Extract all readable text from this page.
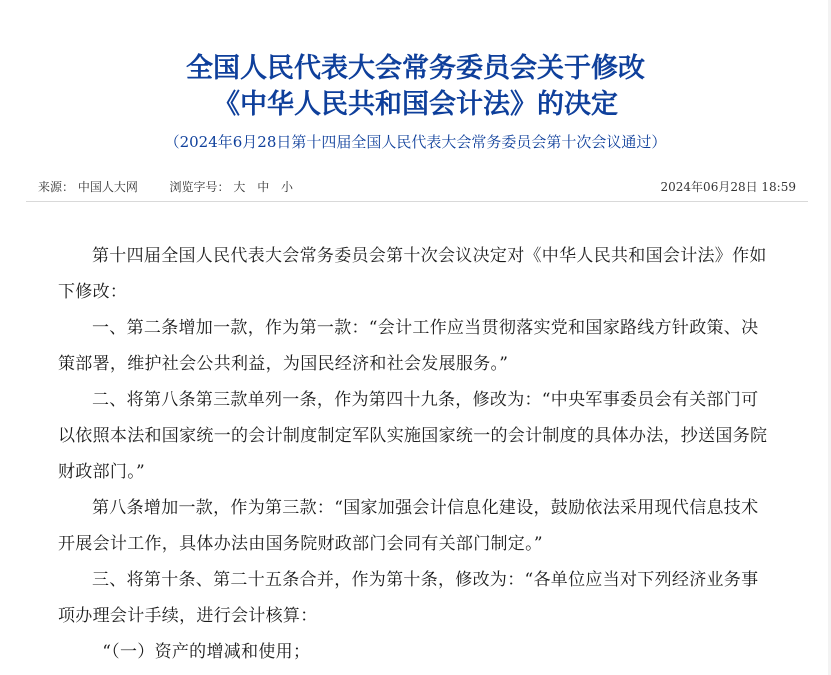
全国人民代表大会常务委员会关于修改
《中华人民共和国会计法》的决定
（2024年6月28日第十四届全国人民代表大会常务委员会第十次会议通过）
来源： 中国人大网	浏览字号： 大 中 小	2024年06月28日 18:59

第十四届全国人民代表大会常务委员会第十次会议决定对《中华人民共和国会计法》作如下修改：

一、第二条增加一款，作为第一款：“会计工作应当贯彻落实党和国家路线方针政策、决策部署，维护社会公共利益，为国民经济和社会发展服务。”

二、将第八条第三款单列一条，作为第四十九条，修改为：“中央军事委员会有关部门可以依照本法和国家统一的会计制度制定军队实施国家统一的会计制度的具体办法，抄送国务院财政部门。”

第八条增加一款，作为第三款：“国家加强会计信息化建设，鼓励依法采用现代信息技术开展会计工作，具体办法由国务院财政部门会同有关部门制定。”

三、将第十条、第二十五条合并，作为第十条，修改为：“各单位应当对下列经济业务事项办理会计手续，进行会计核算：

“（一）资产的增减和使用；
